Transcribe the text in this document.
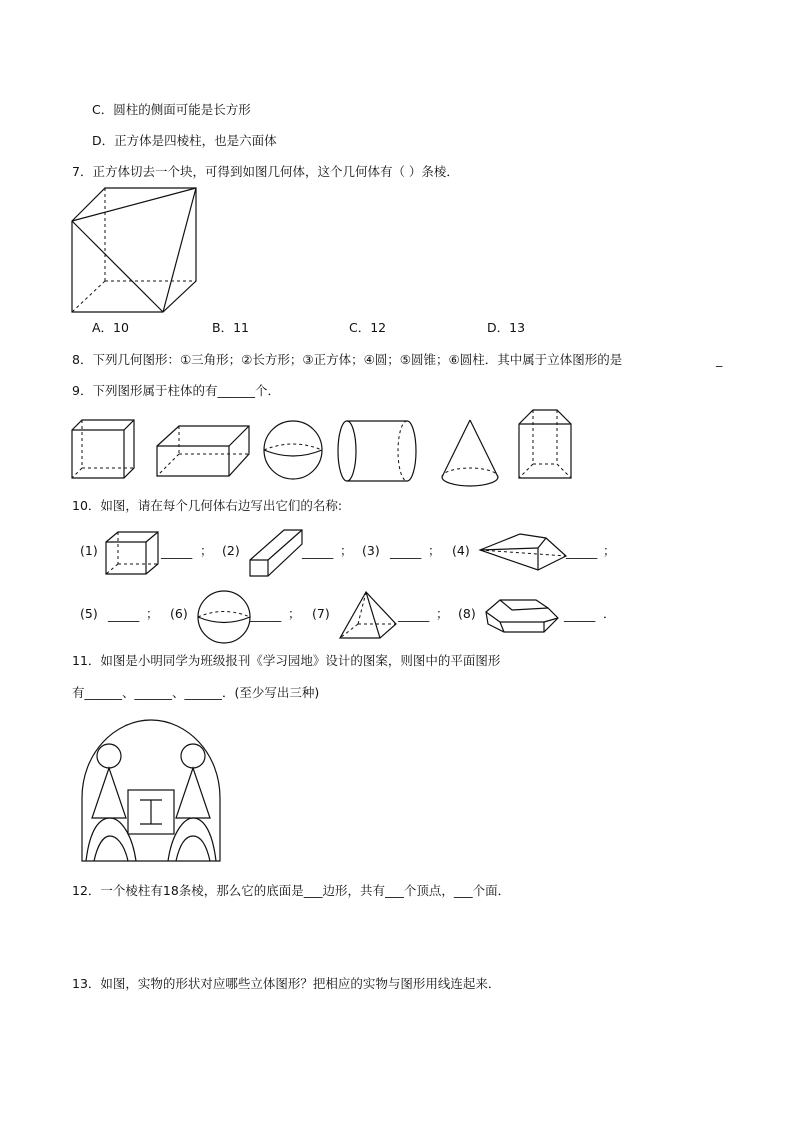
C．圆柱的侧面可能是长方形
D．正方体是四棱柱，也是六面体
7．正方体切去一个块，可得到如图几何体，这个几何体有（ ）条棱．
A．10	B．11	C．12	D．13
8．下列几何图形：①三角形；②长方形；③正方体；④圆；⑤圆锥；⑥圆柱．其中属于立体图形的是	_
9．下列图形属于柱体的有______个．
10．如图，请在每个几何体右边写出它们的名称:
(1)	_____ ； (2)	_____ ； (3) _____ ； (4)	_____ ；
(5) _____ ； (6)	_____ ； (7)	_____ ； (8)	_____ ．
11．如图是小明同学为班级报刊《学习园地》设计的图案，则图中的平面图形
有______、______、______．(至少写出三种)
12．一个棱柱有18条棱，那么它的底面是___边形，共有___个顶点，___个面．
13．如图，实物的形状对应哪些立体图形？把相应的实物与图形用线连起来．
